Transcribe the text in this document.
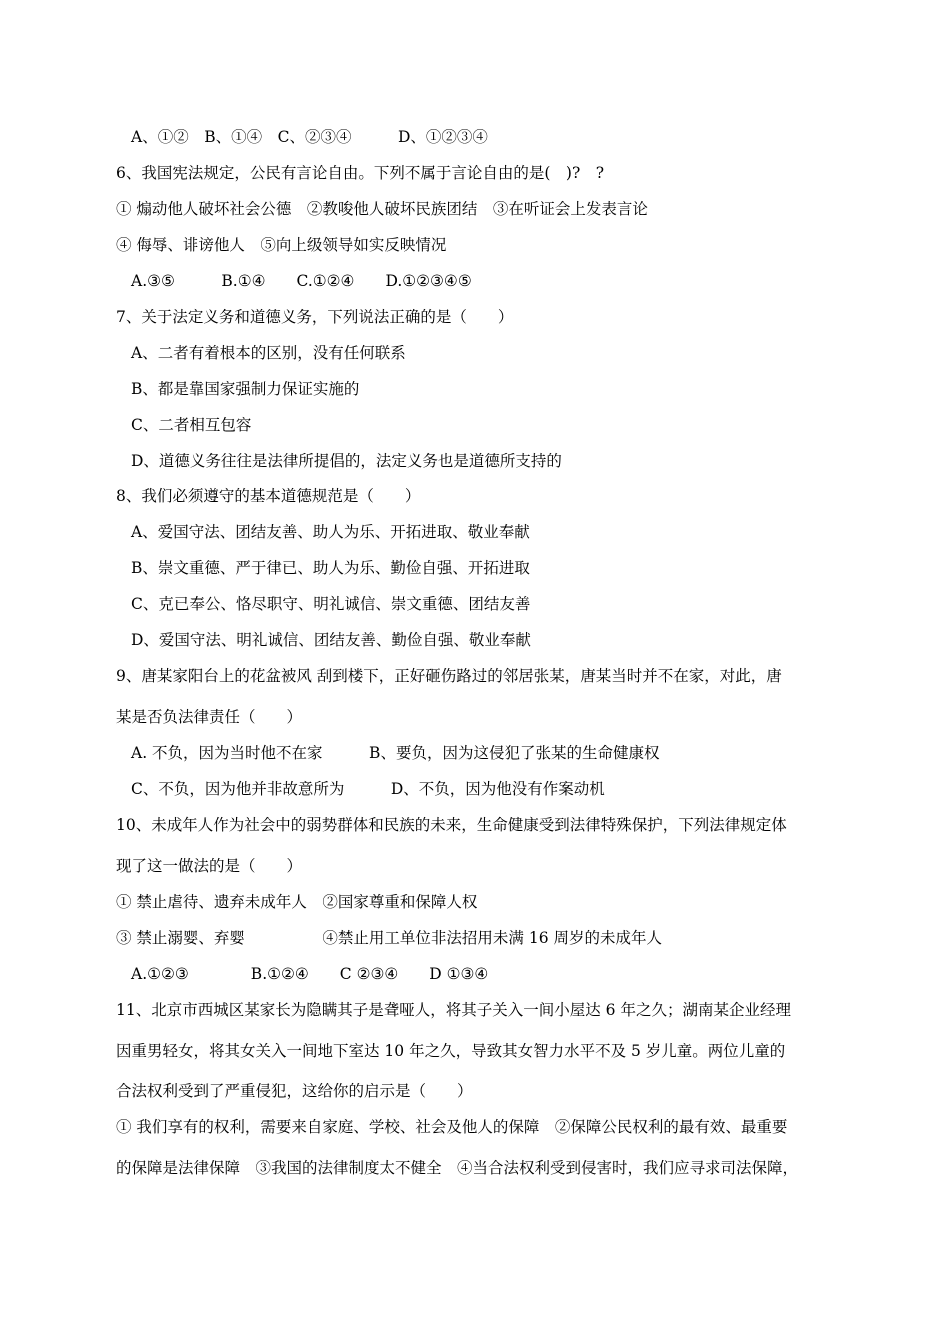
A、①②　B、①④　C、②③④　　　D、①②③④
6、我国宪法规定，公民有言论自由。下列不属于言论自由的是(　)?　?
① 煽动他人破坏社会公德　②教唆他人破坏民族团结　③在听证会上发表言论
④ 侮辱、诽谤他人　⑤向上级领导如实反映情况
A.③⑤　　　B.①④　　C.①②④　　D.①②③④⑤
7、关于法定义务和道德义务，下列说法正确的是（　　）
A、二者有着根本的区别，没有任何联系
B、都是靠国家强制力保证实施的
C、二者相互包容
D、道德义务往往是法律所提倡的，法定义务也是道德所支持的
8、我们必须遵守的基本道德规范是（　　）
A、爱国守法、团结友善、助人为乐、开拓进取、敬业奉献
B、崇文重德、严于律已、助人为乐、勤俭自强、开拓进取
C、克已奉公、恪尽职守、明礼诚信、崇文重德、团结友善
D、爱国守法、明礼诚信、团结友善、勤俭自强、敬业奉献
9、唐某家阳台上的花盆被风 刮到楼下，正好砸伤路过的邻居张某，唐某当时并不在家，对此，唐
某是否负法律责任（　　）
A. 不负，因为当时他不在家　　　B、要负，因为这侵犯了张某的生命健康权
C、不负，因为他并非故意所为　　　D、不负，因为他没有作案动机
10、未成年人作为社会中的弱势群体和民族的未来，生命健康受到法律特殊保护，下列法律规定体
现了这一做法的是（　　）
① 禁止虐待、遗弃未成年人　②国家尊重和保障人权
③ 禁止溺婴、弃婴　　　　　④禁止用工单位非法招用未满 16 周岁的未成年人
A.①②③　　　　B.①②④　　C ②③④　　D ①③④
11、北京市西城区某家长为隐瞒其子是聋哑人，将其子关入一间小屋达 6 年之久；湖南某企业经理
因重男轻女，将其女关入一间地下室达 10 年之久，导致其女智力水平不及 5 岁儿童。两位儿童的
合法权利受到了严重侵犯，这给你的启示是（　　）
① 我们享有的权利，需要来自家庭、学校、社会及他人的保障　②保障公民权利的最有效、最重要
的保障是法律保障　③我国的法律制度太不健全　④当合法权利受到侵害时，我们应寻求司法保障，
